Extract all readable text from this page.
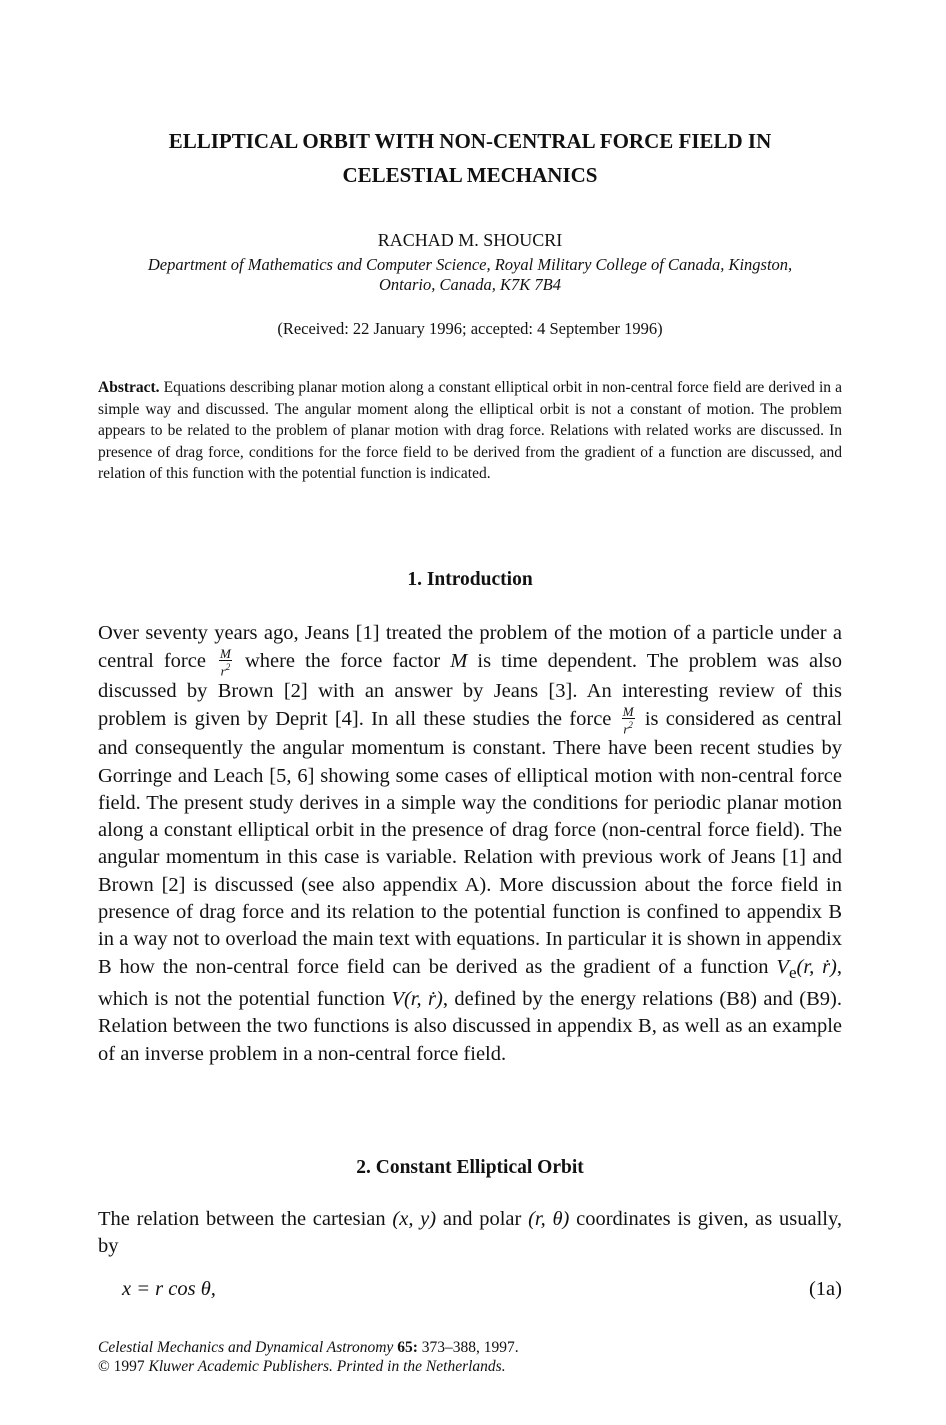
ELLIPTICAL ORBIT WITH NON-CENTRAL FORCE FIELD IN
CELESTIAL MECHANICS

RACHAD M. SHOUCRI

Department of Mathematics and Computer Science, Royal Military College of Canada, Kingston,
Ontario, Canada, K7K 7B4

(Received: 22 January 1996; accepted: 4 September 1996)

Abstract. Equations describing planar motion along a constant elliptical orbit in non-central force field are derived in a simple way and discussed. The angular moment along the elliptical orbit is not a constant of motion. The problem appears to be related to the problem of planar motion with drag force. Relations with related works are discussed. In presence of drag force, conditions for the force field to be derived from the gradient of a function are discussed, and relation of this function with the potential function is indicated.

1. Introduction

Over seventy years ago, Jeans [1] treated the problem of the motion of a particle under a central force $\frac{M}{r^2}$ where the force factor M is time dependent. The problem was also discussed by Brown [2] with an answer by Jeans [3]. An interesting review of this problem is given by Deprit [4]. In all these studies the force $\frac{M}{r^2}$ is considered as central and consequently the angular momentum is constant. There have been recent studies by Gorringe and Leach [5, 6] showing some cases of elliptical motion with non-central force field. The present study derives in a simple way the conditions for periodic planar motion along a constant elliptical orbit in the presence of drag force (non-central force field). The angular momentum in this case is variable. Relation with previous work of Jeans [1] and Brown [2] is discussed (see also appendix A). More discussion about the force field in presence of drag force and its relation to the potential function is confined to appendix B in a way not to overload the main text with equations. In particular it is shown in appendix B how the non-central force field can be derived as the gradient of a function $V_e(r$, ṙ), which is not the potential function V(r, ṙ), defined by the energy relations (B8) and (B9). Relation between the two functions is also discussed in appendix B, as well as an example of an inverse problem in a non-central force field.

2. Constant Elliptical Orbit

The relation between the cartesian (x, y) and polar (r, θ) coordinates is given, as usually, by

x = r cos θ,	(1a)

Celestial Mechanics and Dynamical Astronomy 65: 373–388, 1997.
© 1997 Kluwer Academic Publishers. Printed in the Netherlands.
